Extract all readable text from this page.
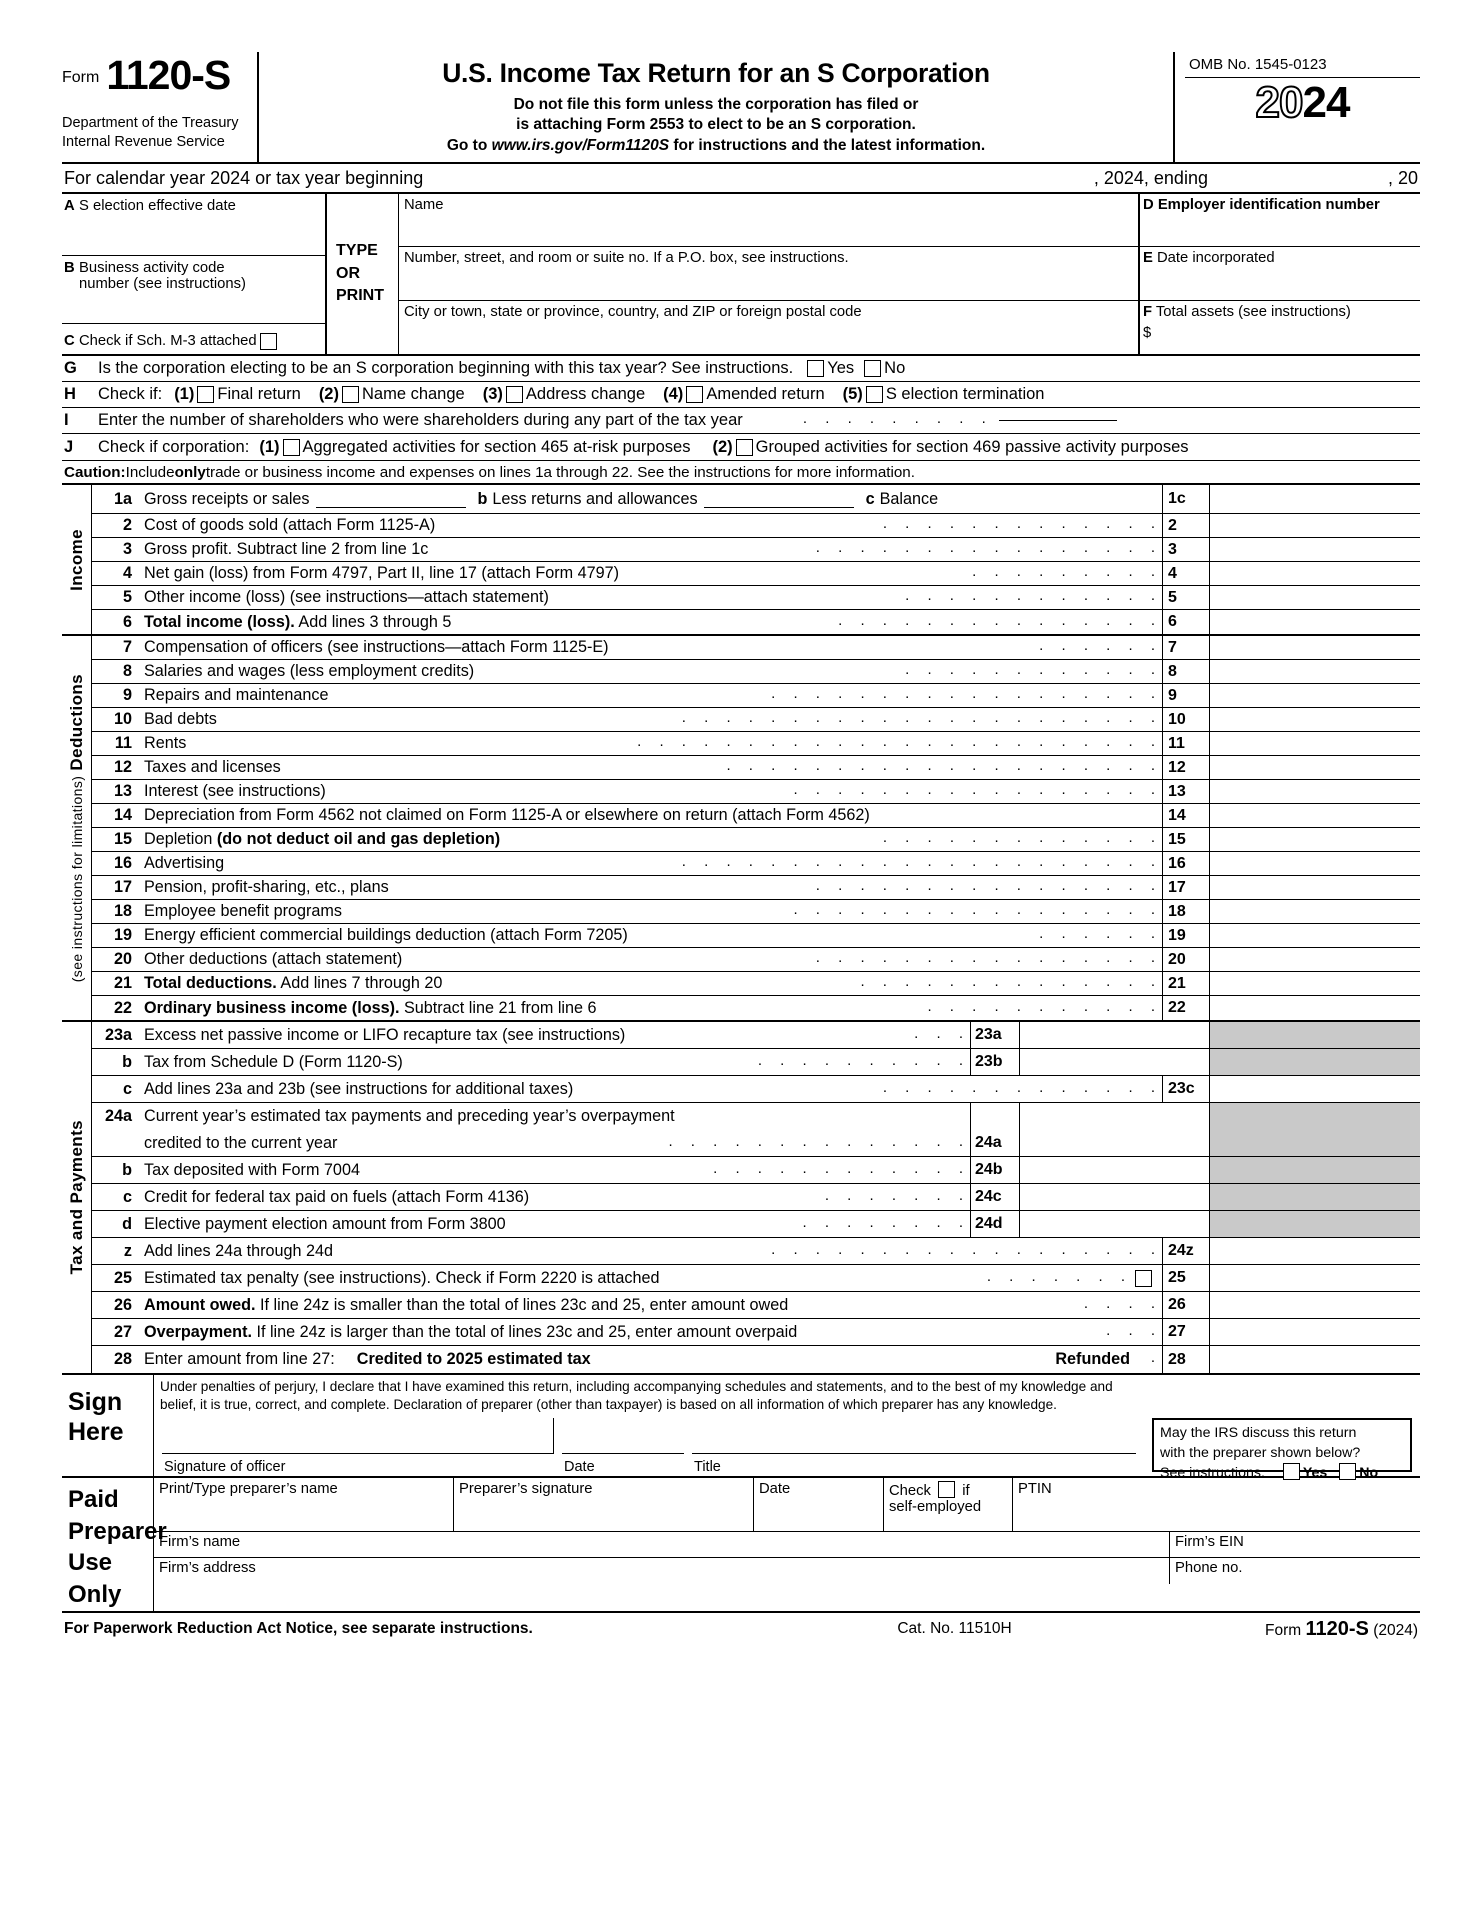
Form 1120-S
Department of the Treasury
Internal Revenue Service
U.S. Income Tax Return for an S Corporation
Do not file this form unless the corporation has filed or
is attaching Form 2553 to elect to be an S corporation.
Go to www.irs.gov/Form1120S for instructions and the latest information.
OMB No. 1545-0123
2024
For calendar year 2024 or tax year beginning	, 2024, ending	, 20
A S election effective date
B Business activity code
number (see instructions)
C Check if Sch. M-3 attached
TYPE
OR
PRINT
Name
Number, street, and room or suite no. If a P.O. box, see instructions.
City or town, state or province, country, and ZIP or foreign postal code
D Employer identification number
E Date incorporated
F Total assets (see instructions)
$
G	Is the corporation electing to be an S corporation beginning with this tax year? See instructions. Yes No
H	Check if: (1) Final return (2) Name change (3) Address change (4) Amended return (5) S election termination
I	Enter the number of shareholders who were shareholders during any part of the tax year	. . . . . . . . .
J	Check if corporation: (1) Aggregated activities for section 465 at-risk purposes (2) Grouped activities for section 469 passive activity purposes
Caution: Include only trade or business income and expenses on lines 1a through 22. See the instructions for more information.
Income
1a Gross receipts or sales	b Less returns and allowances	c Balance	1c
2 Cost of goods sold (attach Form 1125-A)	. . . . . . . . . . . . . 2
3 Gross profit. Subtract line 2 from line 1c	. . . . . . . . . . . . . . . . 3
4 Net gain (loss) from Form 4797, Part II, line 17 (attach Form 4797)	. . . . . . . . . 4
5 Other income (loss) (see instructions—attach statement)	. . . . . . . . . . . . 5
6 Total income (loss). Add lines 3 through 5	. . . . . . . . . . . . . . . 6
(see instructions for limitations) Deductions
7 Compensation of officers (see instructions—attach Form 1125-E)	. . . . . . 7
8 Salaries and wages (less employment credits)	. . . . . . . . . . . . 8
9 Repairs and maintenance	. . . . . . . . . . . . . . . . . . 9
10 Bad debts	. . . . . . . . . . . . . . . . . . . . . . 10
11 Rents	. . . . . . . . . . . . . . . . . . . . . . . . 11
12 Taxes and licenses	. . . . . . . . . . . . . . . . . . . . 12
13 Interest (see instructions)	. . . . . . . . . . . . . . . . . 13
14 Depreciation from Form 4562 not claimed on Form 1125-A or elsewhere on return (attach Form 4562)	14
15 Depletion (do not deduct oil and gas depletion)	. . . . . . . . . . . . . 15
16 Advertising	. . . . . . . . . . . . . . . . . . . . . . 16
17 Pension, profit-sharing, etc., plans	. . . . . . . . . . . . . . . . 17
18 Employee benefit programs	. . . . . . . . . . . . . . . . . 18
19 Energy efficient commercial buildings deduction (attach Form 7205)	. . . . . . 19
20 Other deductions (attach statement)	. . . . . . . . . . . . . . . . 20
21 Total deductions. Add lines 7 through 20	. . . . . . . . . . . . . . 21
22 Ordinary business income (loss). Subtract line 21 from line 6	. . . . . . . . . . . 22
Tax and Payments
23a Excess net passive income or LIFO recapture tax (see instructions)	. . . 23a
b Tax from Schedule D (Form 1120-S)	. . . . . . . . . . 23b
c Add lines 23a and 23b (see instructions for additional taxes)	. . . . . . . . . . . . . 23c
24a Current year’s estimated tax payments and preceding year’s overpayment
credited to the current year	. . . . . . . . . . . . . . 24a
b Tax deposited with Form 7004	. . . . . . . . . . . . 24b
c Credit for federal tax paid on fuels (attach Form 4136)	. . . . . . . 24c
d Elective payment election amount from Form 3800	. . . . . . . . 24d
z Add lines 24a through 24d	. . . . . . . . . . . . . . . . . . 24z
25 Estimated tax penalty (see instructions). Check if Form 2220 is attached	. . . . . . .	25
26 Amount owed. If line 24z is smaller than the total of lines 23c and 25, enter amount owed	. . . . 26
27 Overpayment. If line 24z is larger than the total of lines 23c and 25, enter amount overpaid	. . . 27
28 Enter amount from line 27: Credited to 2025 estimated tax	Refunded	. 28
Sign
Here
Under penalties of perjury, I declare that I have examined this return, including accompanying schedules and statements, and to the best of my knowledge and
belief, it is true, correct, and complete. Declaration of preparer (other than taxpayer) is based on all information of which preparer has any knowledge.
Signature of officer	Date	Title
May the IRS discuss this return
with the preparer shown below?
See instructions.	Yes No
Paid
Preparer
Use Only
Print/Type preparer’s name	Preparer’s signature	Date	Check if
self-employed
PTIN
Firm’s name	Firm’s EIN
Firm’s address	Phone no.
For Paperwork Reduction Act Notice, see separate instructions.	Cat. No. 11510H	Form 1120-S (2024)
